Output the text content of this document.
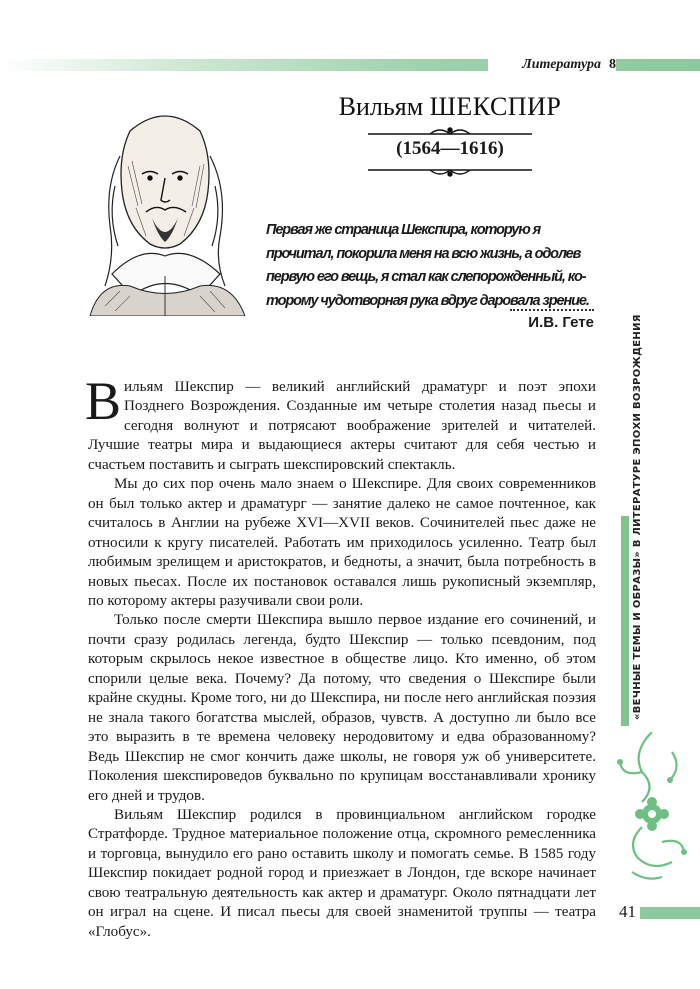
Литература 8
Вильям ШЕКСПИР
(1564—1616)
Первая же страница Шекспира, которую я
прочитал, покорила меня на всю жизнь, а одолев
первую его вещь, я стал как слепорожденный, ко-
торому чудотворная рука вдруг даровала зрение.
И.В. Гете	«ВЕЧНЫЕ ТЕМЫ И ОБРАЗЫ» В ЛИТЕРАТУРЕ ЭПОХИ ВОЗРОЖДЕНИЯ

Вильям Шекспир — великий английский драматург и поэт эпохи Позднего Возрождения. Созданные им четыре столетия назад пьесы и сегодня волнуют и потрясают воображение зрителей и читателей. Лучшие театры мира и выдающиеся актеры считают для себя честью и счастьем поставить и сыграть шекспировский спектакль.

Мы до сих пор очень мало знаем о Шекспире. Для своих современников он был только актер и драматург — занятие далеко не самое почтенное, как считалось в Англии на рубеже XVI—XVII веков. Сочинителей пьес даже не относили к кругу писателей. Работать им приходилось усиленно. Театр был любимым зрелищем и аристократов, и бедноты, а значит, была потребность в новых пьесах. После их постановок оставался лишь рукописный экземпляр, по которому актеры разучивали свои роли.

Только после смерти Шекспира вышло первое издание его сочинений, и почти сразу родилась легенда, будто Шекспир — только псевдоним, под которым скрылось некое известное в обществе лицо. Кто именно, об этом спорили целые века. Почему? Да потому, что сведения о Шекспире были крайне скудны. Кроме того, ни до Шекспира, ни после него английская поэзия не знала такого богатства мыслей, образов, чувств. А доступно ли было все это выразить в те времена человеку неродовитому и едва образованному? Ведь Шекспир не смог кончить даже школы, не говоря уж об университете. Поколения шекспироведов буквально по крупицам восстанавливали хронику его дней и трудов.

Вильям Шекспир родился в провинциальном английском городке Стратфорде. Трудное материальное положение отца, скромного ремесленника и торговца, вынудило его рано оставить школу и помогать семье. В 1585 году Шекспир покидает родной город и приезжает в Лондон, где вскоре начинает свою театральную деятельность как актер и драматург. Около пятнадцати лет он играл на сцене. И писал пьесы для своей знаменитой труппы — театра «Глобус».

41
